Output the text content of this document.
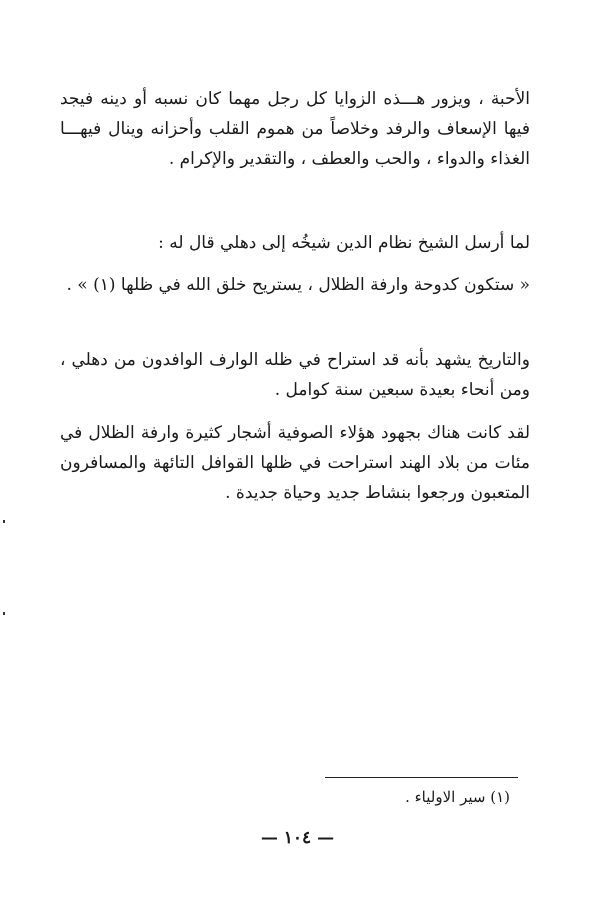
الأحبة ، ويزور هـــذه الزوايا كل رجل مهما كان نسبه أو دينه فيجد فيها الإسعاف والرفد وخلاصاً من هموم القلب وأحزانه وينال فيهـــا الغذاء والدواء ، والحب والعطف ، والتقدير والإكرام .

لما أرسل الشيخ نظام الدين شيخُه إلى دهلي قال له :

« ستكون كدوحة وارفة الظلال ، يستريح خلق الله في ظلها (١) » .

والتاريخ يشهد بأنه قد استراح في ظله الوارف الوافدون من دهلي ، ومن أنحاء بعيدة سبعين سنة كوامل .

لقد كانت هناك بجهود هؤلاء الصوفية أشجار كثيرة وارفة الظلال في مئات من بلاد الهند استراحت في ظلها القوافل التائهة والمسافرون المتعبون ورجعوا بنشاط جديد وحياة جديدة .

(١) سير الاولياء .
— ١٠٤ —
